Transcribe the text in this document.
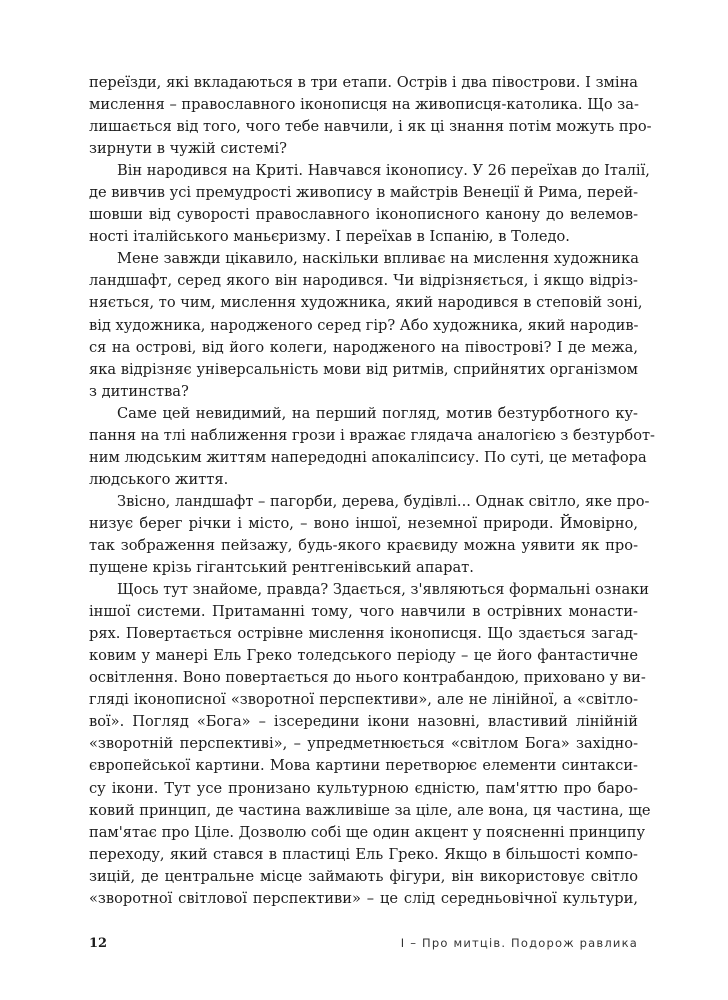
переїзди, які вкладаються в три етапи. Острів і два півострови. І зміна
мислення – православного іконописця на живописця-католика. Що за-
лишається від того, чого тебе навчили, і як ці знання потім можуть про-
зирнути в чужій системі?
Він народився на Криті. Навчався іконопису. У 26 переїхав до Італії,
де вивчив усі премудрості живопису в майстрів Венеції й Рима, перей-
шовши від суворості православного іконописного канону до велемов-
ності італійського маньєризму. І переїхав в Іспанію, в Толедо.
Мене завжди цікавило, наскільки впливає на мислення художника
ландшафт, серед якого він народився. Чи відрізняється, і якщо відріз-
няється, то чим, мислення художника, який народився в степовій зоні,
від художника, народженого серед гір? Або художника, який народив-
ся на острові, від його колеги, народженого на півострові? І де межа,
яка відрізняє універсальність мови від ритмів, сприйнятих організмом
з дитинства?
Саме цей невидимий, на перший погляд, мотив безтурботного ку-
пання на тлі наближення грози і вражає глядача аналогією з безтурбот-
ним людським життям напередодні апокаліпсису. По суті, це метафора
людського життя.
Звісно, ландшафт – пагорби, дерева, будівлі... Однак світло, яке про-
низує берег річки і місто, – воно іншої, неземної природи. Ймовірно,
так зображення пейзажу, будь-якого краєвиду можна уявити як про-
пущене крізь гігантський рентгенівський апарат.
Щось тут знайоме, правда? Здається, з'являються формальні ознаки
іншої системи. Притаманні тому, чого навчили в острівних монасти-
рях. Повертається острівне мислення іконописця. Що здається загад-
ковим у манері Ель Греко толедського періоду – це його фантастичне
освітлення. Воно повертається до нього контрабандою, приховано у ви-
гляді іконописної «зворотної перспективи», але не лінійної, а «світло-
вої». Погляд «Бога» – ізсередини ікони назовні, властивий лінійній
«зворотній перспективі», – упредметнюється «світлом Бога» західно-
європейської картини. Мова картини перетворює елементи синтакси-
су ікони. Тут усе пронизано культурною єдністю, пам'яттю про баро-
ковий принцип, де частина важливіше за ціле, але вона, ця частина, ще
пам'ятає про Ціле. Дозволю собі ще один акцент у поясненні принципу
переходу, який стався в пластиці Ель Греко. Якщо в більшості компо-
зицій, де центральне місце займають фігури, він використовує світло
«зворотної світлової перспективи» – це слід середньовічної культури,
12	I – Про митців. Подорож равлика
